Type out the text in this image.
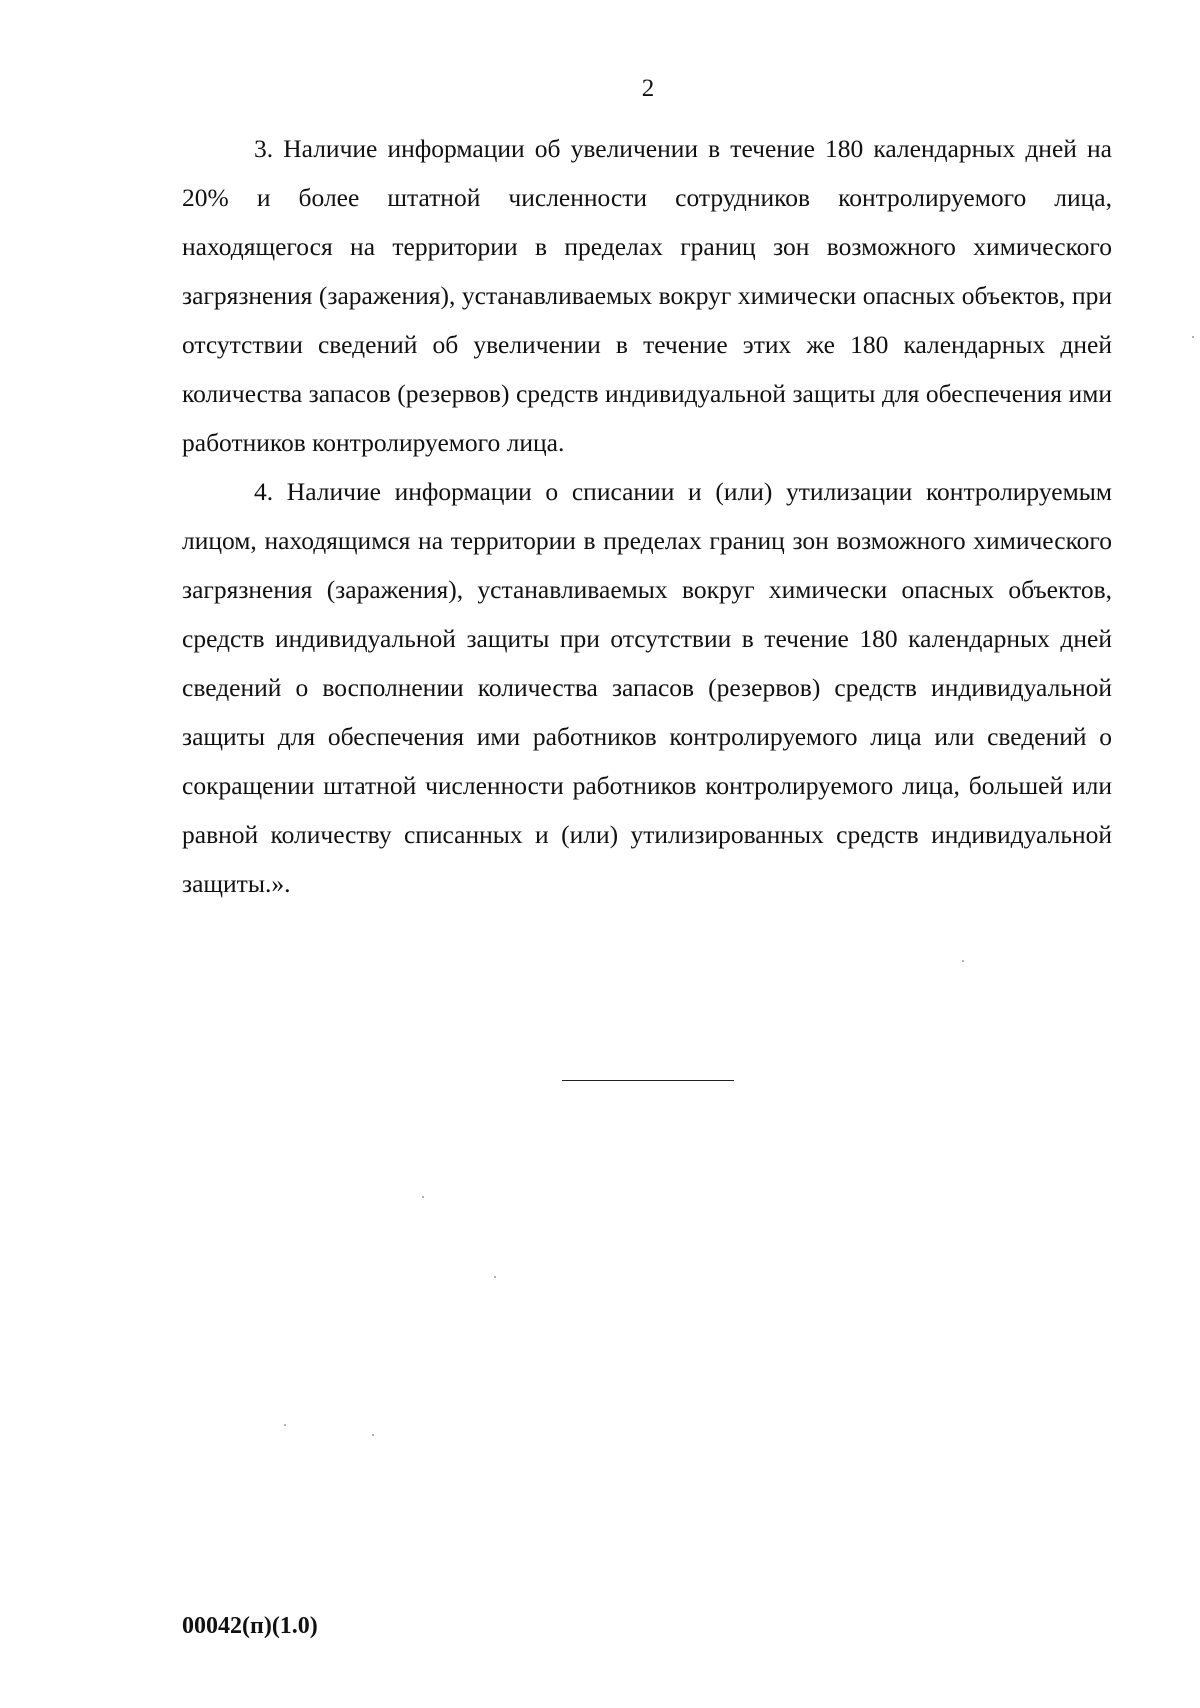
2

3. Наличие информации об увеличении в течение 180 календарных дней на 20% и более штатной численности сотрудников контролируемого лица, находящегося на территории в пределах границ зон возможного химического загрязнения (заражения), устанавливаемых вокруг химически опасных объектов, при отсутствии сведений об увеличении в течение этих же 180 календарных дней количества запасов (резервов) средств индивидуальной защиты для обеспечения ими работников контролируемого лица.

4. Наличие информации о списании и (или) утилизации контролируемым лицом, находящимся на территории в пределах границ зон возможного химического загрязнения (заражения), устанавливаемых вокруг химически опасных объектов, средств индивидуальной защиты при отсутствии в течение 180 календарных дней сведений о восполнении количества запасов (резервов) средств индивидуальной защиты для обеспечения ими работников контролируемого лица или сведений о сокращении штатной численности работников контролируемого лица, большей или равной количеству списанных и (или) утилизированных средств индивидуальной защиты.».

00042(п)(1.0)
